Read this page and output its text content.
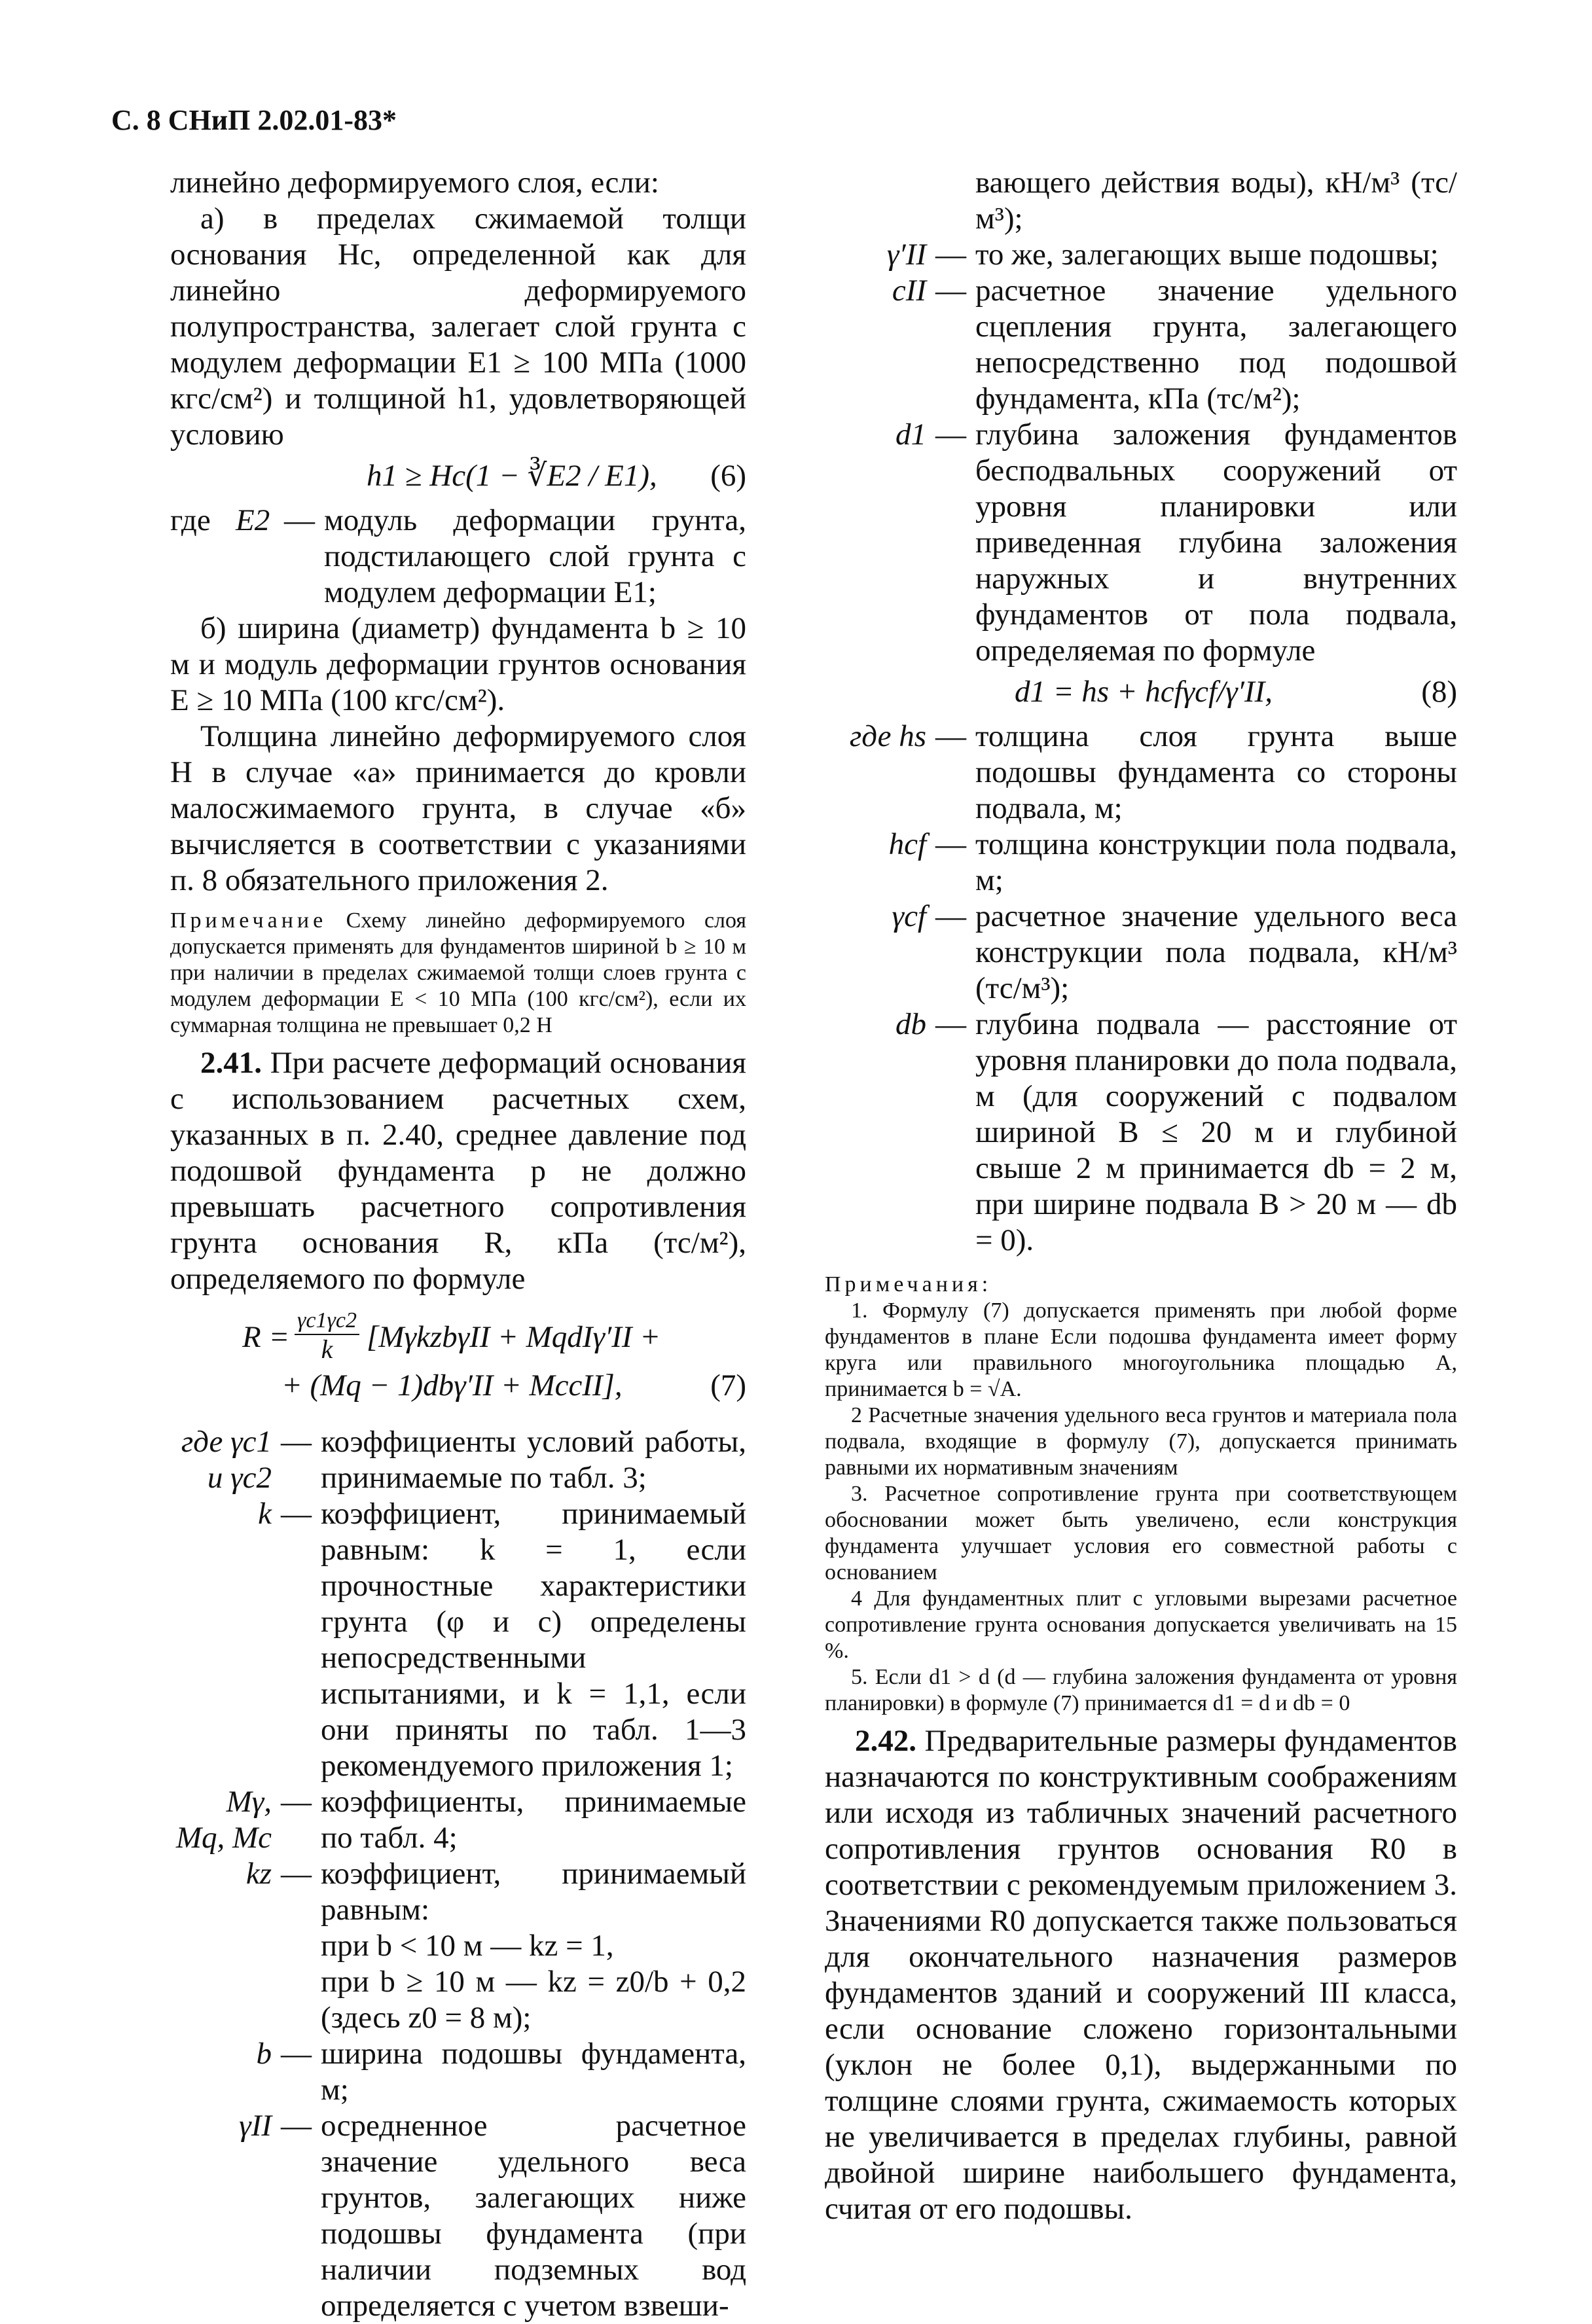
С. 8 СНиП 2.02.01-83*

линейно деформируемого слоя, если:

а) в пределах сжимаемой толщи основания Hc, определенной как для линейно деформируемого полупространства, залегает слой грунта с модулем деформации E1 ≥ 100 МПа (1000 кгс/см²) и толщиной h1, удовлетворяющей условию

h1 ≥ Hc(1 − ∛E2 / E1), (6)
где E2 — модуль деформации грунта, подстилающего слой грунта с модулем деформации E1;

б) ширина (диаметр) фундамента b ≥ 10 м и модуль деформации грунтов основания E ≥ 10 МПа (100 кгс/см²).

Толщина линейно деформируемого слоя H в случае «а» принимается до кровли малосжимаемого грунта, в случае «б» вычисляется в соответствии с указаниями п. 8 обязательного приложения 2.

Примечание Схему линейно деформируемого слоя допускается применять для фундаментов шириной b ≥ 10 м при наличии в пределах сжимаемой толщи слоев грунта с модулем деформации E < 10 МПа (100 кгс/см²), если их суммарная толщина не превышает 0,2 H

2.41. При расчете деформаций основания с использованием расчетных схем, указанных в п. 2.40, среднее давление под подошвой фундамента p не должно превышать расчетного сопротивления грунта основания R, кПа (тс/м²), определяемого по формуле

R = γc1γc2
k	[MγkzbγII + MqdIγ′II +
+ (Mq − 1)dbγ′II + McсII],	(7)
где γc1 и γc2
— коэффициенты условий работы, принимаемые по табл. 3;
k — коэффициент, принимаемый равным: k = 1, если прочностные характеристики грунта (φ и c) определены непосредственными испытаниями, и k = 1,1, если они приняты по табл. 1—3 рекомендуемого приложения 1;
Mγ, Mq, Mc
— коэффициенты, принимаемые по табл. 4;
kz — коэффициент, принимаемый равным:
при b < 10 м — kz = 1,
при b ≥ 10 м — kz = z0/b + 0,2 (здесь z0 = 8 м);
b — ширина подошвы фундамента, м;
γII — осредненное расчетное значение удельного веса грунтов, залегающих ниже подошвы фундамента (при наличии подземных вод определяется с учетом взвеши-
вающего действия воды), кН/м³ (тс/м³);
γ′II — то же, залегающих выше подошвы;
cII — расчетное значение удельного сцепления грунта, залегающего непосредственно под подошвой фундамента, кПа (тс/м²);
d1 — глубина заложения фундаментов бесподвальных сооружений от уровня планировки или приведенная глубина заложения наружных и внутренних фундаментов от пола подвала, определяемая по формуле
d1 = hs + hcfγcf/γ′II,	(8)
где hs — толщина слоя грунта выше подошвы фундамента со стороны подвала, м;
hcf — толщина конструкции пола подвала, м;
γcf — расчетное значение удельного веса конструкции пола подвала, кН/м³ (тс/м³);
db — глубина подвала — расстояние от уровня планировки до пола подвала, м (для сооружений с подвалом шириной B ≤ 20 м и глубиной свыше 2 м принимается db = 2 м, при ширине подвала B > 20 м — db = 0).
Примечания:
1. Формулу (7) допускается применять при любой форме фундаментов в плане Если подошва фундамента имеет форму круга или правильного многоугольника площадью A, принимается b = √A.
2 Расчетные значения удельного веса грунтов и материала пола подвала, входящие в формулу (7), допускается принимать равными их нормативным значениям
3. Расчетное сопротивление грунта при соответствующем обосновании может быть увеличено, если конструкция фундамента улучшает условия его совместной работы с основанием
4 Для фундаментных плит с угловыми вырезами расчетное сопротивление грунта основания допускается увеличивать на 15 %.
5. Если d1 > d (d — глубина заложения фундамента от уровня планировки) в формуле (7) принимается d1 = d и db = 0

2.42. Предварительные размеры фундаментов назначаются по конструктивным соображениям или исходя из табличных значений расчетного сопротивления грунтов основания R0 в соответствии с рекомендуемым приложением 3. Значениями R0 допускается также пользоваться для окончательного назначения размеров фундаментов зданий и сооружений III класса, если основание сложено горизонтальными (уклон не более 0,1), выдержанными по толщине слоями грунта, сжимаемость которых не увеличивается в пределах глубины, равной двойной ширине наибольшего фундамента, считая от его подошвы.
